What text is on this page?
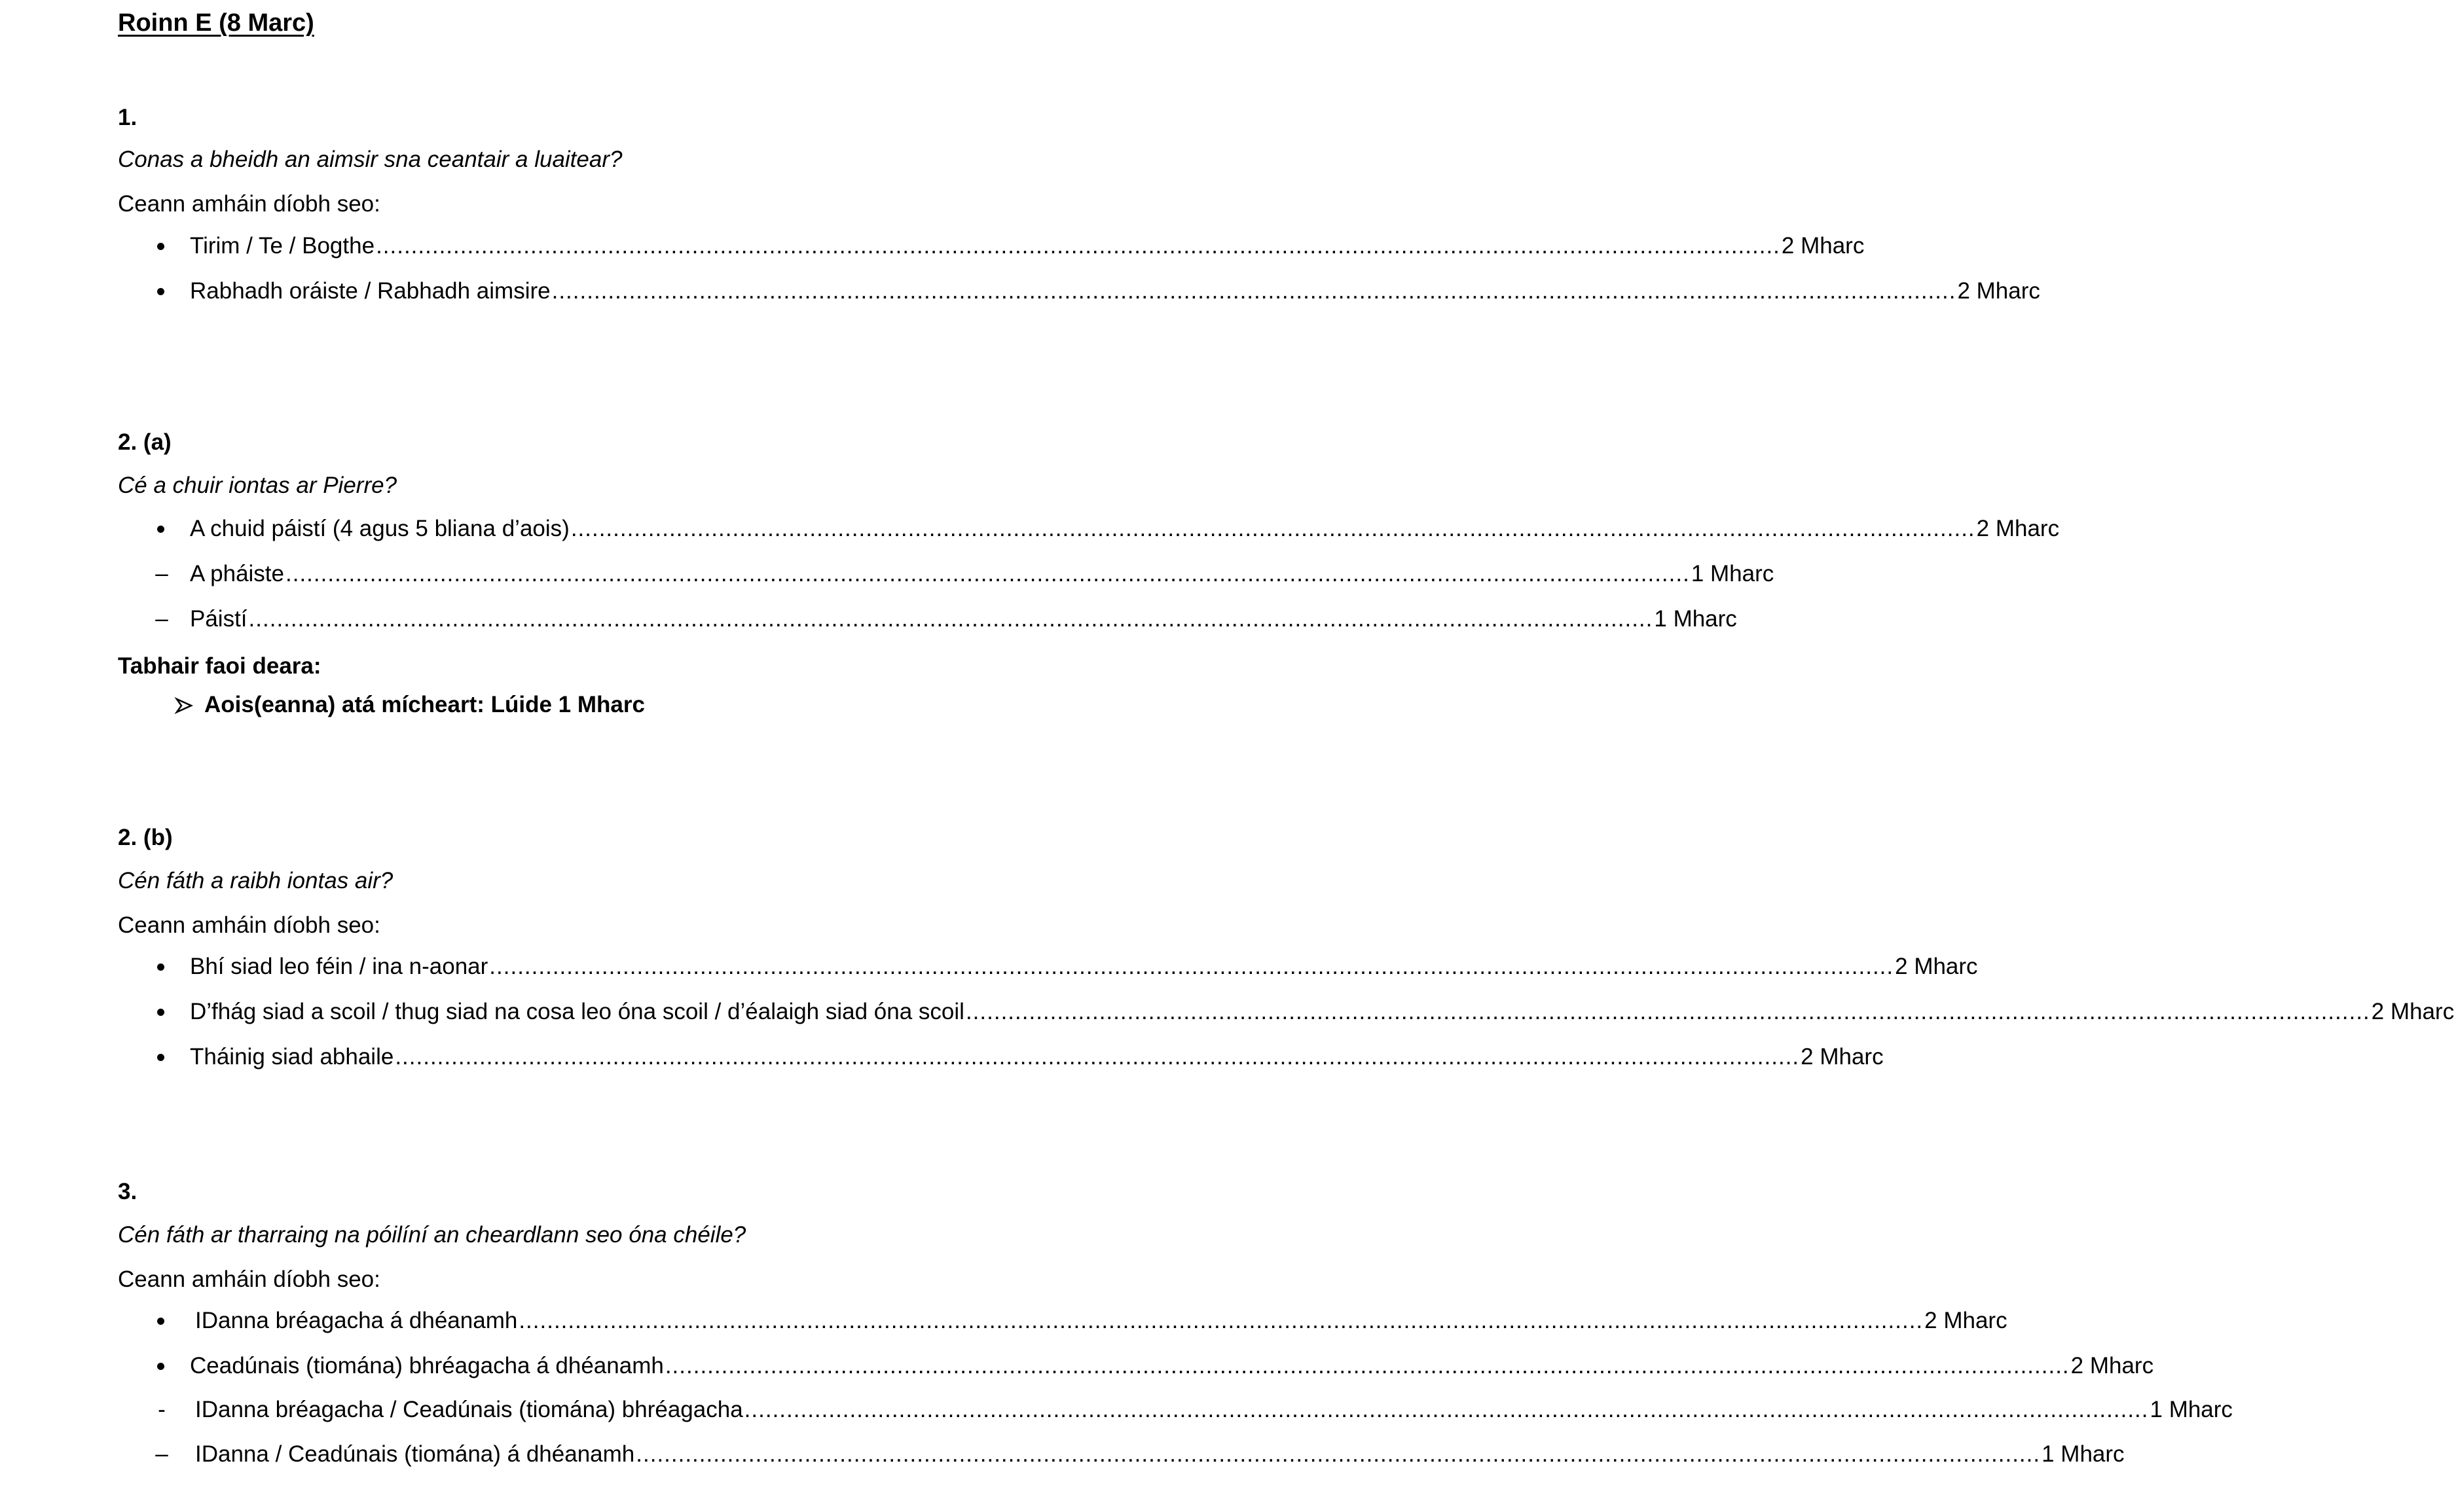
Roinn E (8 Marc)
1.
Conas a bheidh an aimsir sna ceantair a luaitear?
Ceann amháin díobh seo:
Tirim / Te / Bogthe ........................................................................................................................................................................................................ 2 Mharc
Rabhadh oráiste / Rabhadh aimsire ........................................................................................................................................................................................................ 2 Mharc
2. (a)
Cé a chuir iontas ar Pierre?
A chuid páistí (4 agus 5 bliana d’aois) ........................................................................................................................................................................................................ 2 Mharc
– A pháiste ........................................................................................................................................................................................................ 1 Mharc
– Páistí ........................................................................................................................................................................................................ 1 Mharc
Tabhair faoi deara:
Aois(eanna) atá mícheart: Lúide 1 Mharc
2. (b)
Cén fáth a raibh iontas air?
Ceann amháin díobh seo:
Bhí siad leo féin / ina n-aonar ........................................................................................................................................................................................................ 2 Mharc
D’fhág siad a scoil / thug siad na cosa leo óna scoil / d’éalaigh siad óna scoil ........................................................................................................................................................................................................ 2 Mharc
Tháinig siad abhaile ........................................................................................................................................................................................................ 2 Mharc
3.
Cén fáth ar tharraing na póilíní an cheardlann seo óna chéile?
Ceann amháin díobh seo:
IDanna bréagacha á dhéanamh ........................................................................................................................................................................................................ 2 Mharc
Ceadúnais (tiomána) bhréagacha á dhéanamh ........................................................................................................................................................................................................ 2 Mharc
- IDanna bréagacha / Ceadúnais (tiomána) bhréagacha ........................................................................................................................................................................................................ 1 Mharc
– IDanna / Ceadúnais (tiomána) á dhéanamh ........................................................................................................................................................................................................ 1 Mharc
